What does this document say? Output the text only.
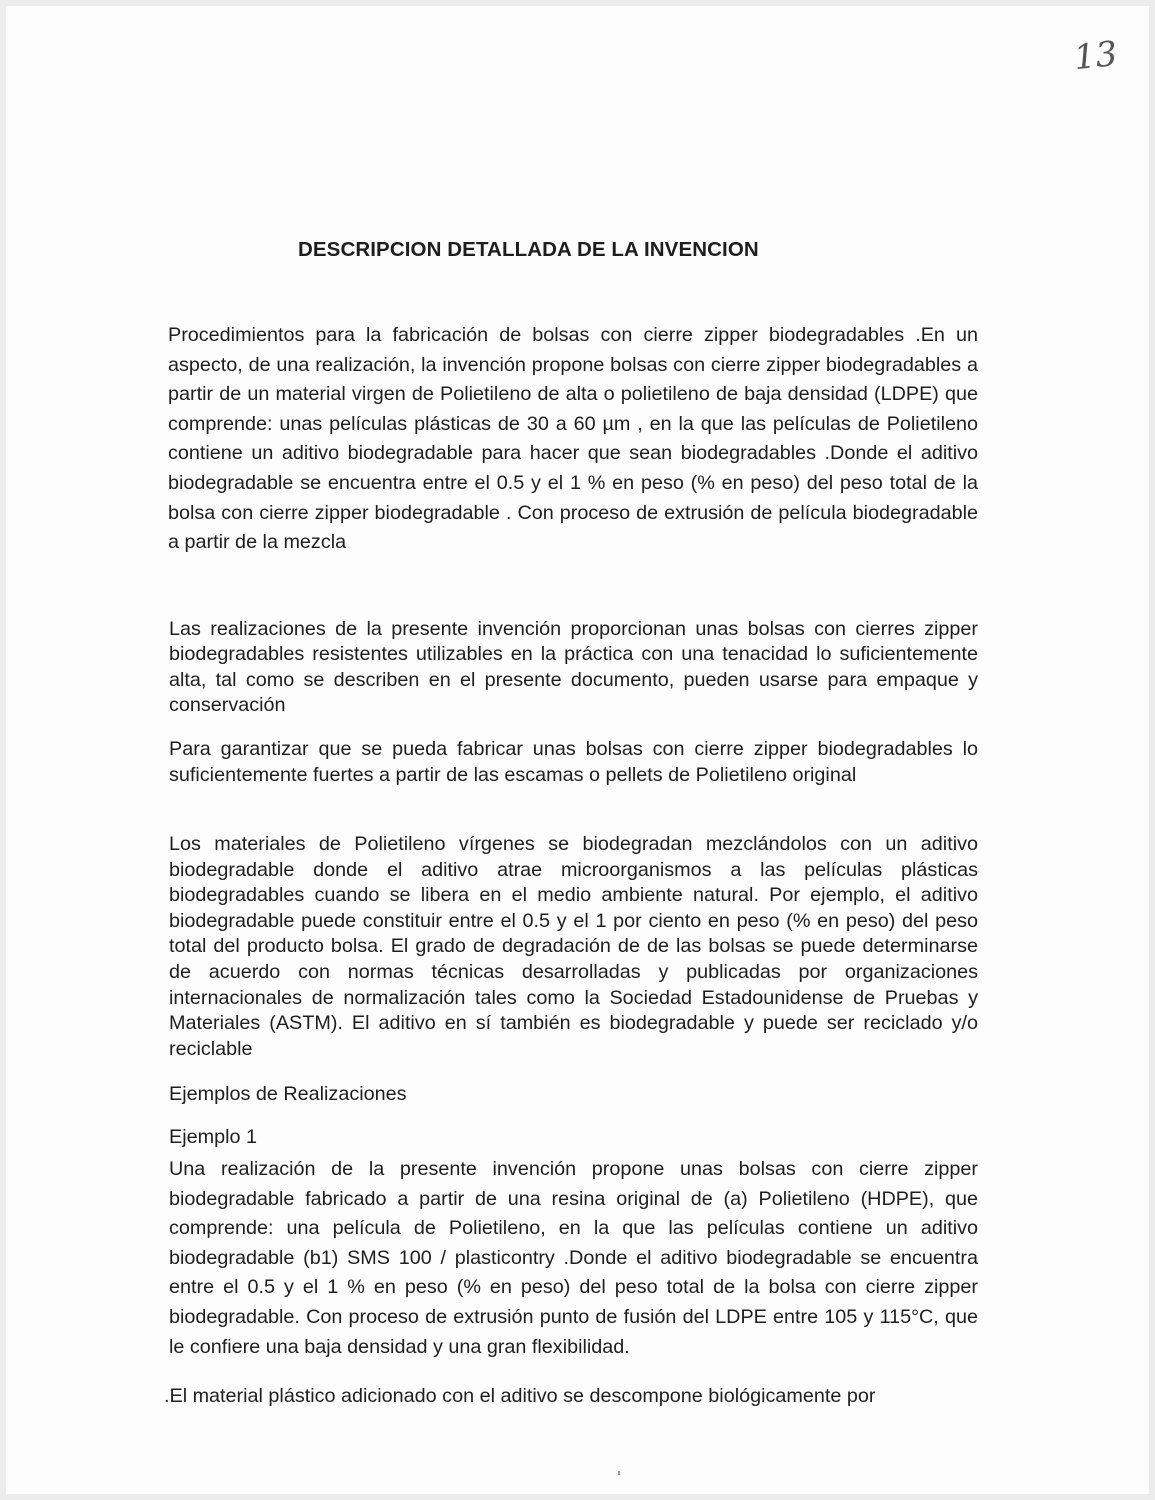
13
DESCRIPCION DETALLADA DE LA INVENCION

Procedimientos para la fabricación de bolsas con cierre zipper biodegradables .En un aspecto, de una realización, la invención propone bolsas con cierre zipper biodegradables a partir de un material virgen de Polietileno de alta o polietileno de baja densidad (LDPE) que comprende: unas películas plásticas de 30 a 60 µm , en la que las películas de Polietileno contiene un aditivo biodegradable para hacer que sean biodegradables .Donde el aditivo biodegradable se encuentra entre el 0.5 y el 1 % en peso (% en peso) del peso total de la bolsa con cierre zipper biodegradable . Con proceso de extrusión de película biodegradable a partir de la mezcla

Las realizaciones de la presente invención proporcionan unas bolsas con cierres zipper biodegradables resistentes utilizables en la práctica con una tenacidad lo suficientemente alta, tal como se describen en el presente documento, pueden usarse para empaque y conservación

Para garantizar que se pueda fabricar unas bolsas con cierre zipper biodegradables lo suficientemente fuertes a partir de las escamas o pellets de Polietileno original

Los materiales de Polietileno vírgenes se biodegradan mezclándolos con un aditivo biodegradable donde el aditivo atrae microorganismos a las películas plásticas biodegradables cuando se libera en el medio ambiente natural. Por ejemplo, el aditivo biodegradable puede constituir entre el 0.5 y el 1 por ciento en peso (% en peso) del peso total del producto bolsa. El grado de degradación de de las bolsas se puede determinarse de acuerdo con normas técnicas desarrolladas y publicadas por organizaciones internacionales de normalización tales como la Sociedad Estadounidense de Pruebas y Materiales (ASTM). El aditivo en sí también es biodegradable y puede ser reciclado y/o reciclable

Ejemplos de Realizaciones

Ejemplo 1

Una realización de la presente invención propone unas bolsas con cierre zipper biodegradable fabricado a partir de una resina original de (a) Polietileno (HDPE), que comprende: una película de Polietileno, en la que las películas contiene un aditivo biodegradable (b1) SMS 100 / plasticontry .Donde el aditivo biodegradable se encuentra entre el 0.5 y el 1 % en peso (% en peso) del peso total de la bolsa con cierre zipper biodegradable. Con proceso de extrusión punto de fusión del LDPE entre 105 y 115°C, que le confiere una baja densidad y una gran flexibilidad.

.El material plástico adicionado con el aditivo se descompone biológicamente por
